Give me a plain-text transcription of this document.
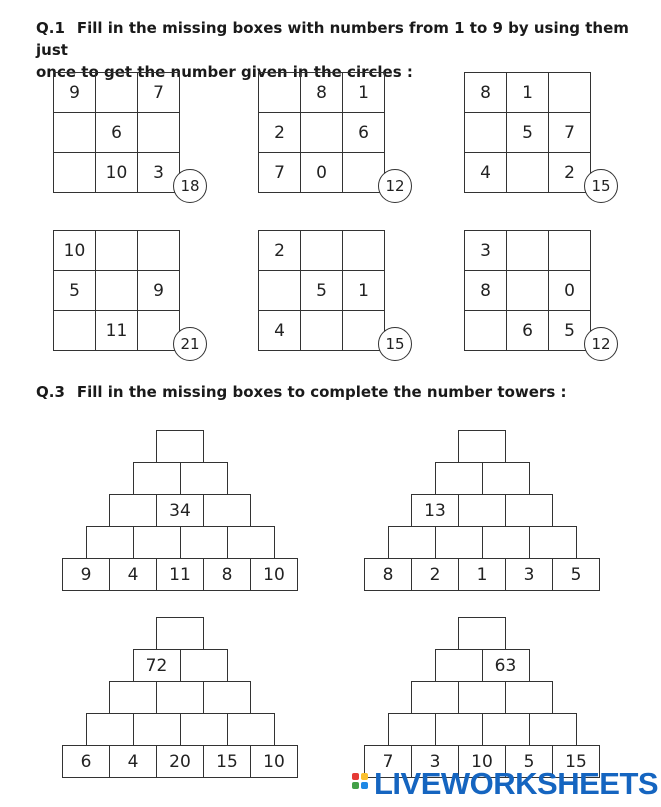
Q.1 Fill in the missing boxes with numbers from 1 to 9 by using them just
once to get the number given in the circles :
9		7
	6	
	10	3
18
	8	1
2		6
7	0	
12
8	1	
	5	7
4		2
15
10		
5		9
	11	
21
2		
	5	1
4		
15
3		
8		0
	6	5
12
Q.3 Fill in the missing boxes to complete the number towers :
34
9	4	11	8	10
13
8	2	1	3	5
72
6	4	20	15	10
63
7	3	10	5	15
LIVEWORKSHEETS
